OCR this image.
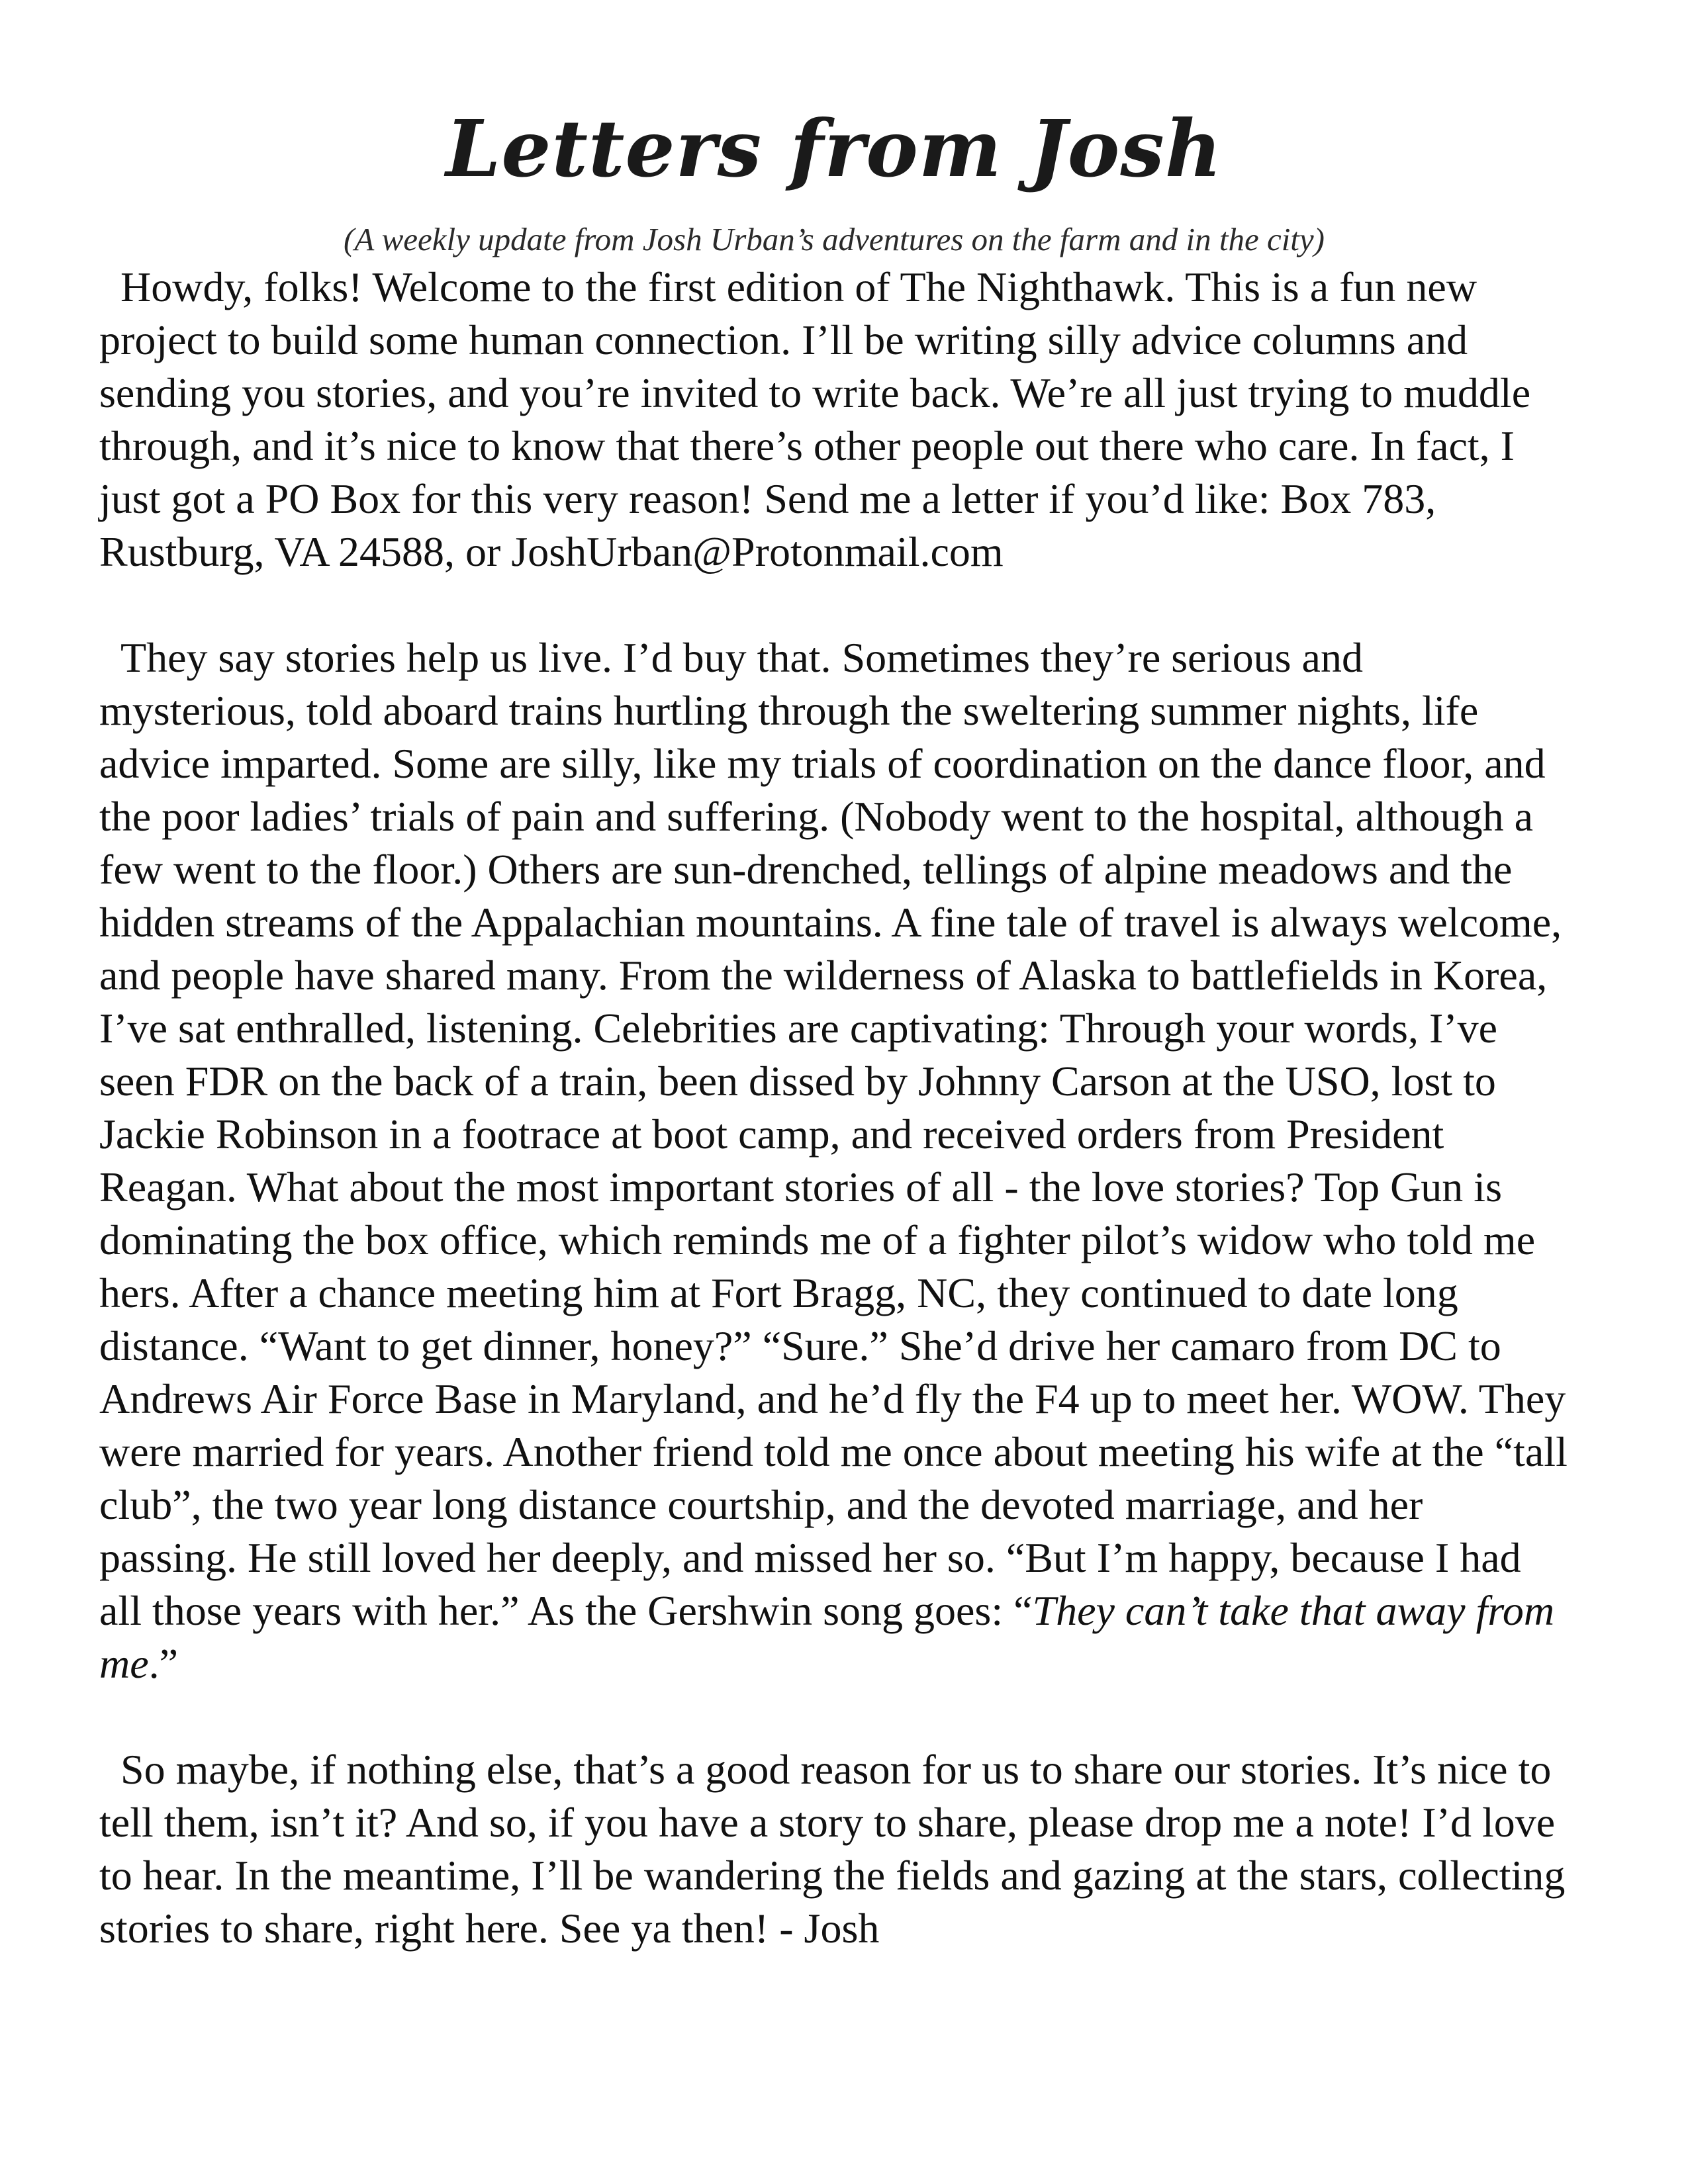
Letters from Josh

(A weekly update from Josh Urban’s adventures on the farm and in the city)

Howdy, folks! Welcome to the first edition of The Nighthawk. This is a fun new project to build some human connection. I’ll be writing silly advice columns and sending you stories, and you’re invited to write back. We’re all just trying to muddle through, and it’s nice to know that there’s other people out there who care. In fact, I just got a PO Box for this very reason! Send me a letter if you’d like: Box 783, Rustburg, VA 24588, or JoshUrban@Protonmail.com

They say stories help us live. I’d buy that. Sometimes they’re serious and mysterious, told aboard trains hurtling through the sweltering summer nights, life advice imparted. Some are silly, like my trials of coordination on the dance floor, and the poor ladies’ trials of pain and suffering. (Nobody went to the hospital, although a few went to the floor.) Others are sun-drenched, tellings of alpine meadows and the hidden streams of the Appalachian mountains. A fine tale of travel is always welcome, and people have shared many. From the wilderness of Alaska to battlefields in Korea, I’ve sat enthralled, listening. Celebrities are captivating: Through your words, I’ve seen FDR on the back of a train, been dissed by Johnny Carson at the USO, lost to Jackie Robinson in a footrace at boot camp, and received orders from President Reagan. What about the most important stories of all - the love stories? Top Gun is dominating the box office, which reminds me of a fighter pilot’s widow who told me hers. After a chance meeting him at Fort Bragg, NC, they continued to date long distance. “Want to get dinner, honey?” “Sure.” She’d drive her camaro from DC to Andrews Air Force Base in Maryland, and he’d fly the F4 up to meet her. WOW. They were married for years. Another friend told me once about meeting his wife at the “tall club”, the two year long distance courtship, and the devoted marriage, and her passing. He still loved her deeply, and missed her so. “But I’m happy, because I had all those years with her.” As the Gershwin song goes: “They can’t take that away from me.”

So maybe, if nothing else, that’s a good reason for us to share our stories. It’s nice to tell them, isn’t it? And so, if you have a story to share, please drop me a note! I’d love to hear. In the meantime, I’ll be wandering the fields and gazing at the stars, collecting stories to share, right here. See ya then! - Josh
